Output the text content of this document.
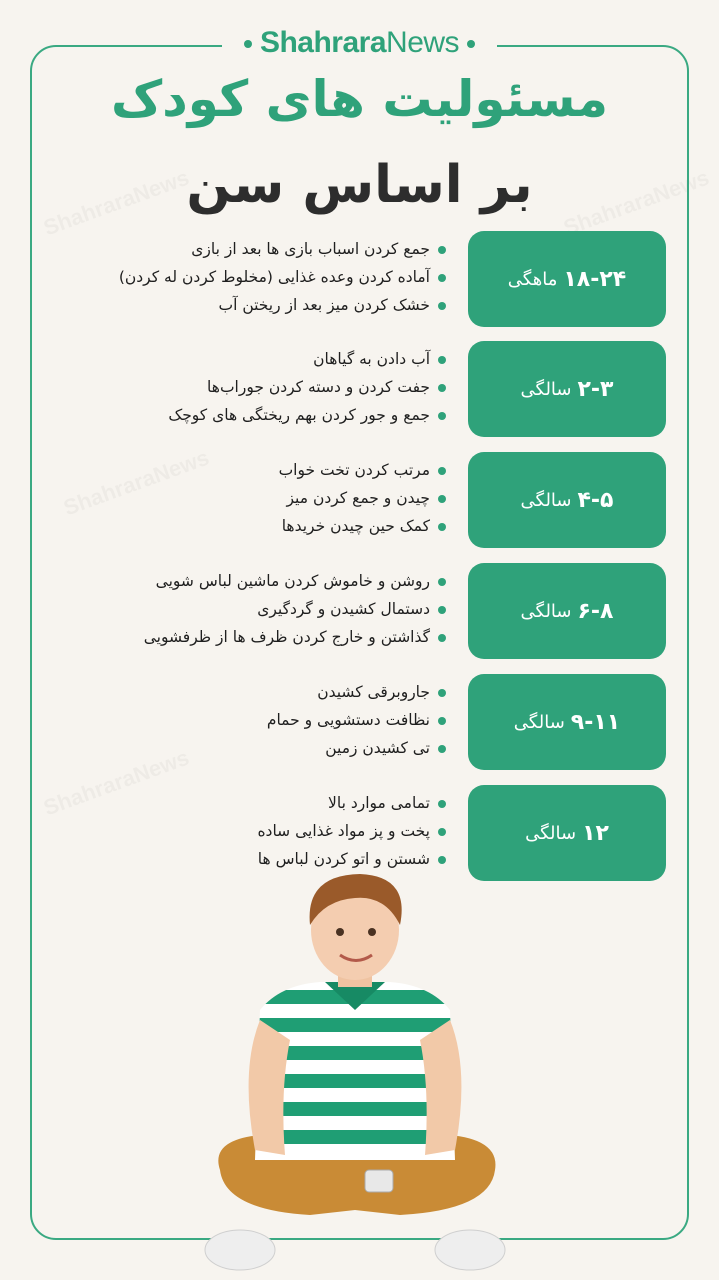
ShahraraNews
مسئولیت های کودک
بر اساس سن
۱۸-۲۴
ماهگی
جمع کردن اسباب بازی ها بعد از بازی
آماده کردن وعده غذایی (مخلوط کردن له کردن)
خشک کردن میز بعد از ریختن آب
۲-۳
سالگی
آب دادن به گیاهان
جفت کردن و دسته کردن جوراب‌ها
جمع و جور کردن بهم ریختگی های کوچک
۴-۵
سالگی
مرتب کردن تخت خواب
چیدن و جمع کردن میز
کمک حین چیدن خریدها
۶-۸
سالگی
روشن و خاموش کردن ماشین لباس شویی
دستمال کشیدن و گردگیری
گذاشتن و خارج کردن ظرف ها از ظرفشویی
۹-۱۱
سالگی
جاروبرقی کشیدن
نظافت دستشویی و حمام
تی کشیدن زمین
۱۲
سالگی
تمامی موارد بالا
پخت و پز مواد غذایی ساده
شستن و اتو کردن لباس ها
